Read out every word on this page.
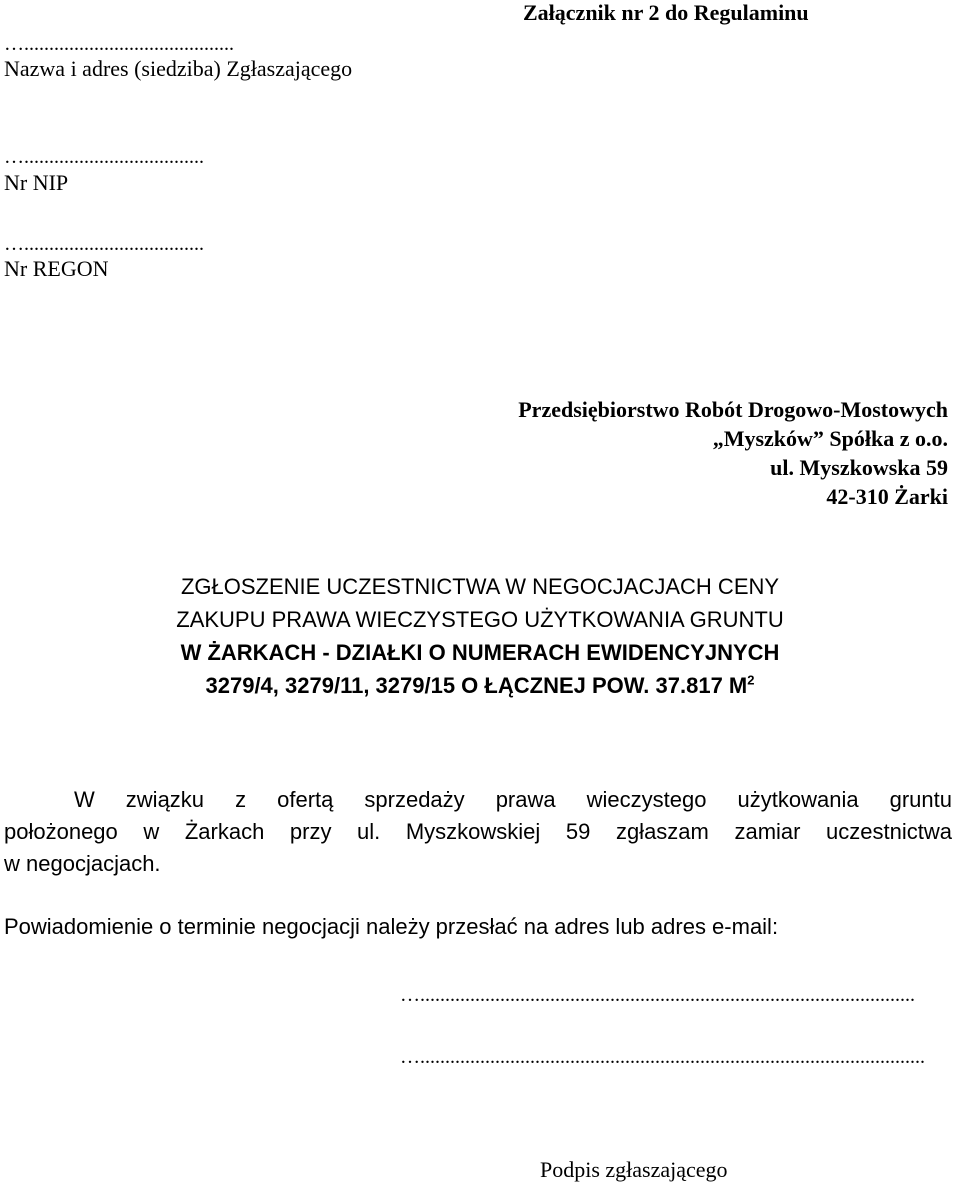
Załącznik nr 2 do Regulaminu
…..........................................
Nazwa i adres (siedziba) Zgłaszającego
…....................................
Nr NIP
…....................................
Nr REGON
Przedsiębiorstwo Robót Drogowo-Mostowych
„Myszków” Spółka z o.o.
ul. Myszkowska 59
42-310 Żarki
ZGŁOSZENIE UCZESTNICTWA W NEGOCJACJACH CENY
ZAKUPU PRAWA WIECZYSTEGO UŻYTKOWANIA GRUNTU
W ŻARKACH - DZIAŁKI O NUMERACH EWIDENCYJNYCH
3279/4, 3279/11, 3279/15 O ŁĄCZNEJ POW. 37.817 $M^2$
W związku z ofertą sprzedaży prawa wieczystego użytkowania gruntu
położonego w Żarkach przy ul. Myszkowskiej 59 zgłaszam zamiar uczestnictwa
w negocjacjach.
Powiadomienie o terminie negocjacji należy przesłać na adres lub adres e-mail:
…...................................................................................................
….....................................................................................................
Podpis zgłaszającego
